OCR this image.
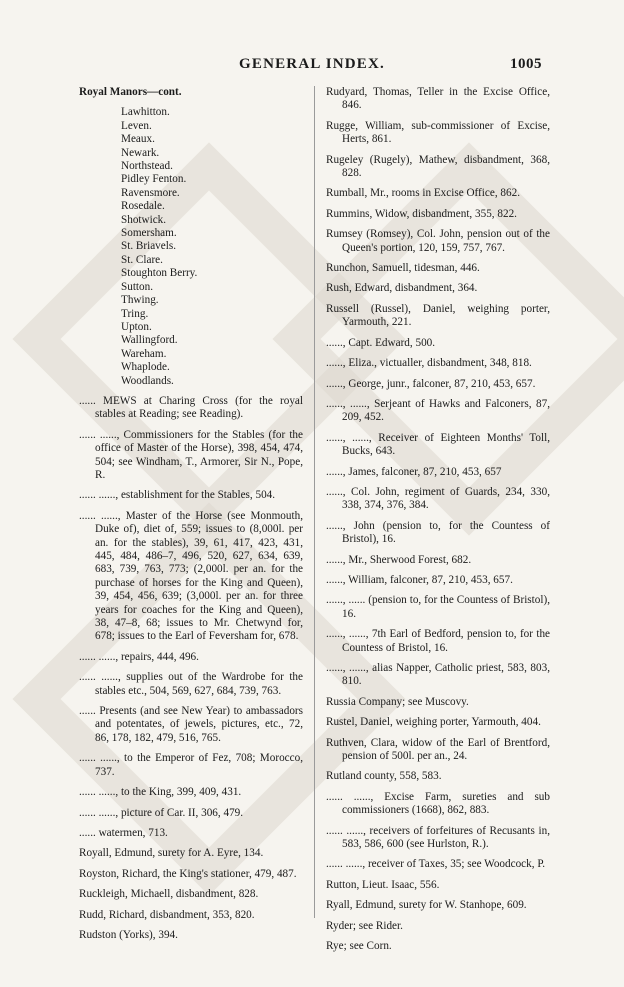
GENERAL INDEX.	1005
Royal Manors—cont.
Lawhitton.
Leven.
Meaux.
Newark.
Northstead.
Pidley Fenton.
Ravensmore.
Rosedale.
Shotwick.
Somersham.
St. Briavels.
St. Clare.
Stoughton Berry.
Sutton.
Thwing.
Tring.
Upton.
Wallingford.
Wareham.
Whaplode.
Woodlands.
...... MEWS at Charing Cross (for the royal stables at Reading; see Reading).
...... ......, Commissioners for the Stables (for the office of Master of the Horse), 398, 454, 474, 504; see Windham, T., Armorer, Sir N., Pope, R.
...... ......, establishment for the Stables, 504.
...... ......, Master of the Horse (see Monmouth, Duke of), diet of, 559; issues to (8,000l. per an. for the stables), 39, 61, 417, 423, 431, 445, 484, 486–7, 496, 520, 627, 634, 639, 683, 739, 763, 773; (2,000l. per an. for the purchase of horses for the King and Queen), 39, 454, 456, 639; (3,000l. per an. for three years for coaches for the King and Queen), 38, 47–8, 68; issues to Mr. Chetwynd for, 678; issues to the Earl of Feversham for, 678.
...... ......, repairs, 444, 496.
...... ......, supplies out of the Wardrobe for the stables etc., 504, 569, 627, 684, 739, 763.
...... Presents (and see New Year) to ambassadors and potentates, of jewels, pictures, etc., 72, 86, 178, 182, 479, 516, 765.
...... ......, to the Emperor of Fez, 708; Morocco, 737.
...... ......, to the King, 399, 409, 431.
...... ......, picture of Car. II, 306, 479.
...... watermen, 713.
Royall, Edmund, surety for A. Eyre, 134.
Royston, Richard, the King's stationer, 479, 487.
Ruckleigh, Michaell, disbandment, 828.
Rudd, Richard, disbandment, 353, 820.
Rudston (Yorks), 394.
Rudyard, Thomas, Teller in the Excise Office, 846.
Rugge, William, sub-commissioner of Excise, Herts, 861.
Rugeley (Rugely), Mathew, disbandment, 368, 828.
Rumball, Mr., rooms in Excise Office, 862.
Rummins, Widow, disbandment, 355, 822.
Rumsey (Romsey), Col. John, pension out of the Queen's portion, 120, 159, 757, 767.
Runchon, Samuell, tidesman, 446.
Rush, Edward, disbandment, 364.
Russell (Russel), Daniel, weighing porter, Yarmouth, 221.
......, Capt. Edward, 500.
......, Eliza., victualler, disbandment, 348, 818.
......, George, junr., falconer, 87, 210, 453, 657.
......, ......, Serjeant of Hawks and Falconers, 87, 209, 452.
......, ......, Receiver of Eighteen Months' Toll, Bucks, 643.
......, James, falconer, 87, 210, 453, 657
......, Col. John, regiment of Guards, 234, 330, 338, 374, 376, 384.
......, John (pension to, for the Countess of Bristol), 16.
......, Mr., Sherwood Forest, 682.
......, William, falconer, 87, 210, 453, 657.
......, ...... (pension to, for the Countess of Bristol), 16.
......, ......, 7th Earl of Bedford, pension to, for the Countess of Bristol, 16.
......, ......, alias Napper, Catholic priest, 583, 803, 810.
Russia Company; see Muscovy.
Rustel, Daniel, weighing porter, Yarmouth, 404.
Ruthven, Clara, widow of the Earl of Brentford, pension of 500l. per an., 24.
Rutland county, 558, 583.
...... ......, Excise Farm, sureties and sub commissioners (1668), 862, 883.
...... ......, receivers of forfeitures of Recusants in, 583, 586, 600 (see Hurlston, R.).
...... ......, receiver of Taxes, 35; see Woodcock, P.
Rutton, Lieut. Isaac, 556.
Ryall, Edmund, surety for W. Stanhope, 609.
Ryder; see Rider.
Rye; see Corn.
